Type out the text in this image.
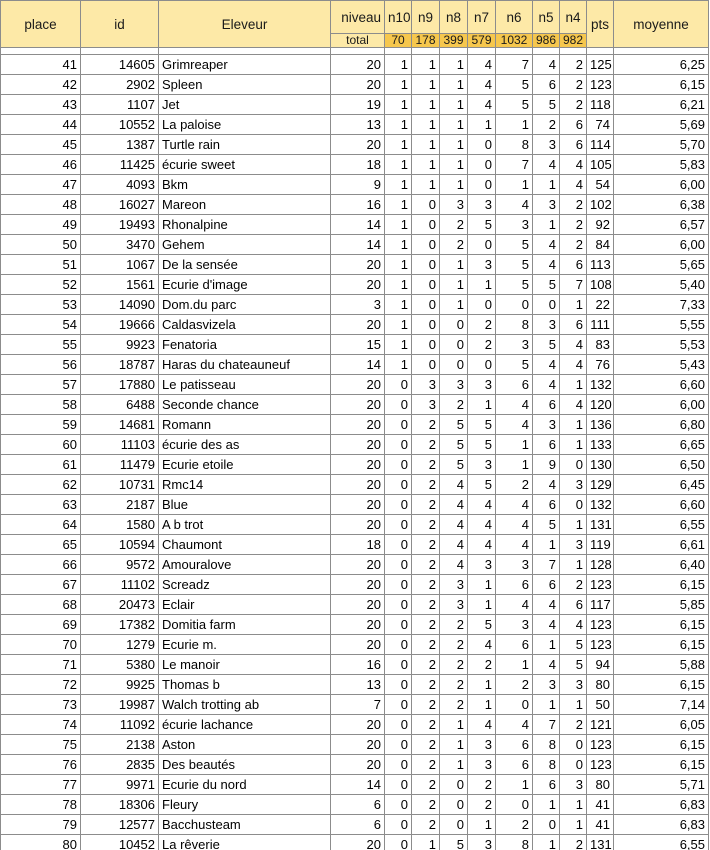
place	id	Eleveur	niveau	n10	n9	n8	n7	n6	n5	n4	pts	moyenne
			total	70	178	399	579	1032	986	982		

41	14605	Grimreaper	20	1	1	1	4	7	4	2	125	6,25
42	2902	Spleen	20	1	1	1	4	5	6	2	123	6,15
43	1107	Jet	19	1	1	1	4	5	5	2	118	6,21
44	10552	La paloise	13	1	1	1	1	1	2	6	74	5,69
45	1387	Turtle rain	20	1	1	1	0	8	3	6	114	5,70
46	11425	écurie sweet	18	1	1	1	0	7	4	4	105	5,83
47	4093	Bkm	9	1	1	1	0	1	1	4	54	6,00
48	16027	Mareon	16	1	0	3	3	4	3	2	102	6,38
49	19493	Rhonalpine	14	1	0	2	5	3	1	2	92	6,57
50	3470	Gehem	14	1	0	2	0	5	4	2	84	6,00
51	1067	De la sensée	20	1	0	1	3	5	4	6	113	5,65
52	1561	Ecurie d'image	20	1	0	1	1	5	5	7	108	5,40
53	14090	Dom.du parc	3	1	0	1	0	0	0	1	22	7,33
54	19666	Caldasvizela	20	1	0	0	2	8	3	6	111	5,55
55	9923	Fenatoria	15	1	0	0	2	3	5	4	83	5,53
56	18787	Haras du chateauneuf	14	1	0	0	0	5	4	4	76	5,43
57	17880	Le patisseau	20	0	3	3	3	6	4	1	132	6,60
58	6488	Seconde chance	20	0	3	2	1	4	6	4	120	6,00
59	14681	Romann	20	0	2	5	5	4	3	1	136	6,80
60	11103	écurie des as	20	0	2	5	5	1	6	1	133	6,65
61	11479	Ecurie etoile	20	0	2	5	3	1	9	0	130	6,50
62	10731	Rmc14	20	0	2	4	5	2	4	3	129	6,45
63	2187	Blue	20	0	2	4	4	4	6	0	132	6,60
64	1580	A b trot	20	0	2	4	4	4	5	1	131	6,55
65	10594	Chaumont	18	0	2	4	4	4	1	3	119	6,61
66	9572	Amouralove	20	0	2	4	3	3	7	1	128	6,40
67	11102	Screadz	20	0	2	3	1	6	6	2	123	6,15
68	20473	Eclair	20	0	2	3	1	4	4	6	117	5,85
69	17382	Domitia farm	20	0	2	2	5	3	4	4	123	6,15
70	1279	Ecurie m.	20	0	2	2	4	6	1	5	123	6,15
71	5380	Le manoir	16	0	2	2	2	1	4	5	94	5,88
72	9925	Thomas b	13	0	2	2	1	2	3	3	80	6,15
73	19987	Walch trotting ab	7	0	2	2	1	0	1	1	50	7,14
74	11092	écurie lachance	20	0	2	1	4	4	7	2	121	6,05
75	2138	Aston	20	0	2	1	3	6	8	0	123	6,15
76	2835	Des beautés	20	0	2	1	3	6	8	0	123	6,15
77	9971	Ecurie du nord	14	0	2	0	2	1	6	3	80	5,71
78	18306	Fleury	6	0	2	0	2	0	1	1	41	6,83
79	12577	Bacchusteam	6	0	2	0	1	2	0	1	41	6,83
80	10452	La rêverie	20	0	1	5	3	8	1	2	131	6,55
